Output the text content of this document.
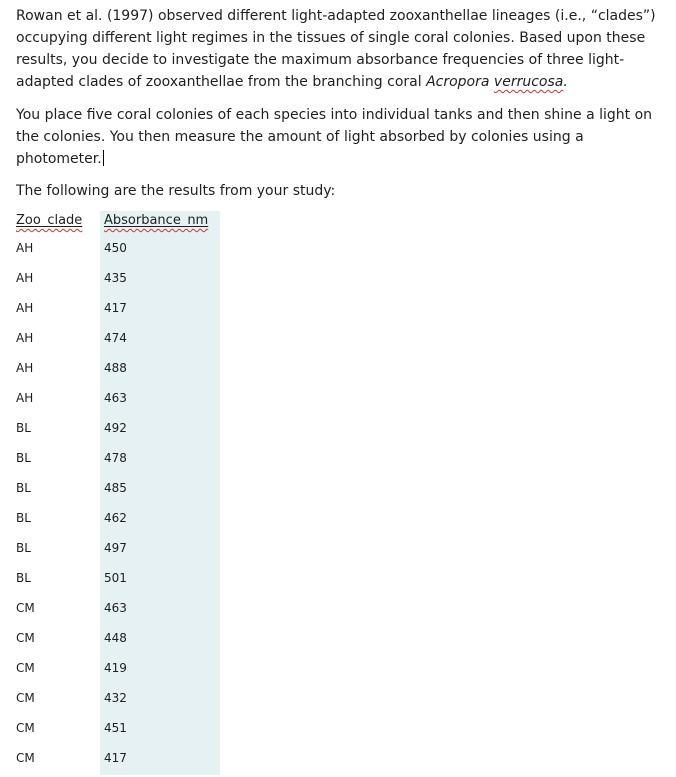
Rowan et al. (1997) observed different light-adapted zooxanthellae lineages (i.e., “clades”) occupying different light regimes in the tissues of single coral colonies. Based upon these results, you decide to investigate the maximum absorbance frequencies of three light-adapted clades of zooxanthellae from the branching coral Acropora verrucosa.

You place five coral colonies of each species into individual tanks and then shine a light on the colonies. You then measure the amount of light absorbed by colonies using a photometer.

The following are the results from your study:

Zoo_clade Absorbance_nm
AH	450
AH	435
AH	417
AH	474
AH	488
AH	463
BL	492
BL	478
BL	485
BL	462
BL	497
BL	501
CM	463
CM	448
CM	419
CM	432
CM	451
CM	417
